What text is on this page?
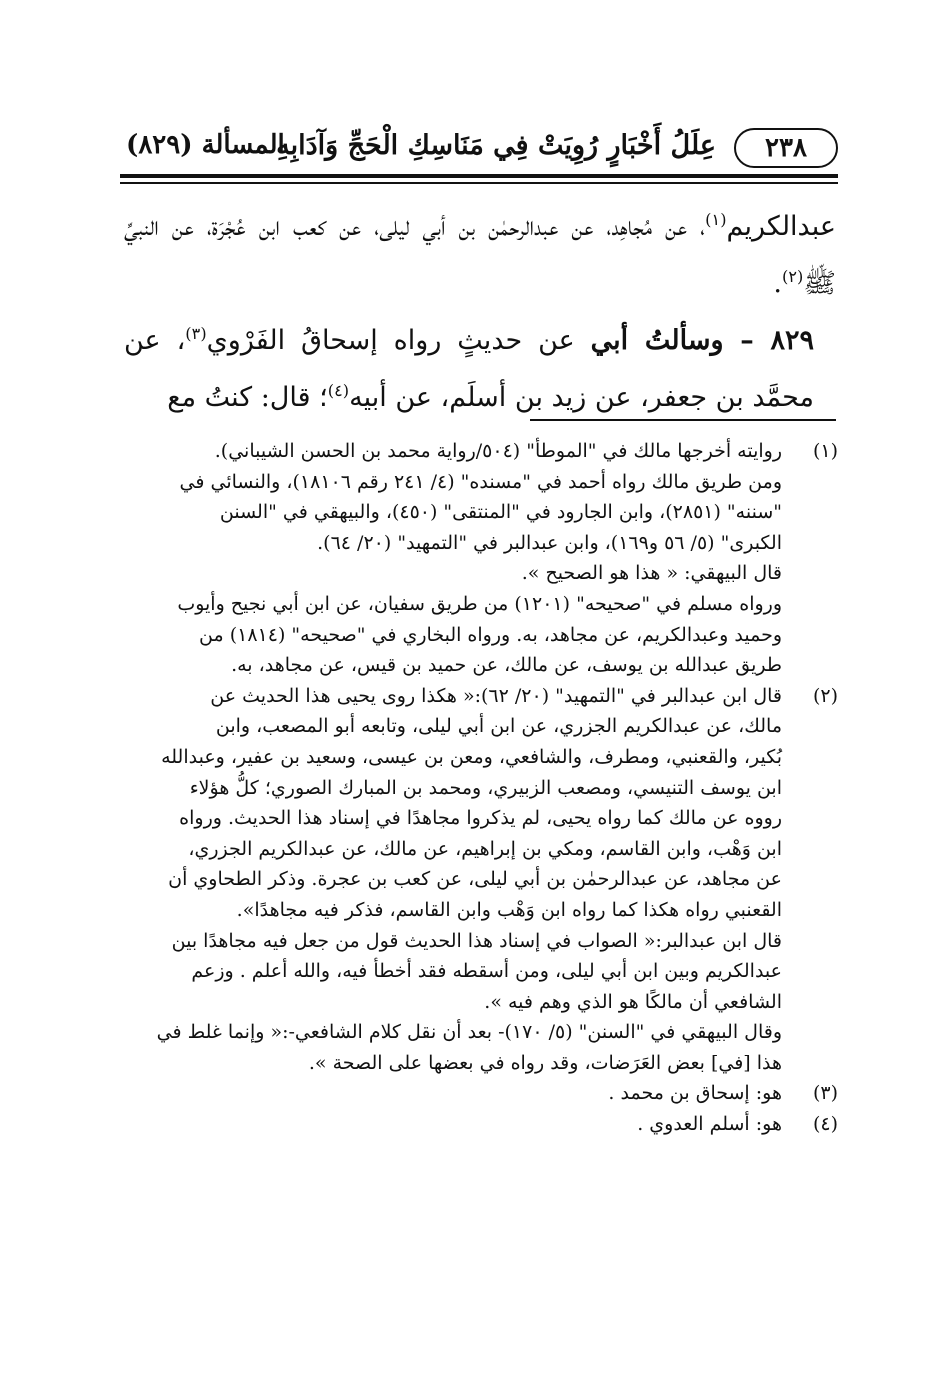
٢٣٨
عِلَلُ أَخْبَارٍ رُوِيَتْ فِي مَنَاسِكِ الْحَجِّ وَآدَابِهِ
المسألة (٨٢٩)

عبدالكريم$^{(١)}$، عن مُجاهِد، عن عبدالرحمٰن بن أبي ليلى، عن كعب ابن عُجْرَة، عن النبيِّ ﷺ$^{(٢)}$.

٨٢٩ – وسألتُ أبي عن حديثٍ رواه إسحاقُ الفَرْوي$^{(٣)}$، عن محمَّد بن جعفر، عن زيد بن أسلَم، عن أبيه$^{(٤)}$؛ قال: كنتُ مع

(١)
روايته أخرجها مالك في "الموطأ" (٥٠٤/رواية محمد بن الحسن الشيباني).
ومن طريق مالك رواه أحمد في "مسنده" (٤/ ٢٤١ رقم ١٨١٠٦)، والنسائي في
"سننه" (٢٨٥١)، وابن الجارود في "المنتقى" (٤٥٠)، والبيهقي في "السنن
الكبرى" (٥/ ٥٦ و١٦٩)، وابن عبدالبر في "التمهيد" (٢٠/ ٦٤).
قال البيهقي: « هذا هو الصحيح ».
ورواه مسلم في "صحيحه" (١٢٠١) من طريق سفيان، عن ابن أبي نجيح وأيوب
وحميد وعبدالكريم، عن مجاهد، به. ورواه البخاري في "صحيحه" (١٨١٤) من
طريق عبدالله بن يوسف، عن مالك، عن حميد بن قيس، عن مجاهد، به.
(٢)
قال ابن عبدالبر في "التمهيد" (٢٠/ ٦٢):« هكذا روى يحيى هذا الحديث عن
مالك، عن عبدالكريم الجزري، عن ابن أبي ليلى، وتابعه أبو المصعب، وابن
بُكير، والقعنبي، ومطرف، والشافعي، ومعن بن عيسى، وسعيد بن عفير، وعبدالله
ابن يوسف التنيسي، ومصعب الزبيري، ومحمد بن المبارك الصوري؛ كلُّ هؤلاء
رووه عن مالك كما رواه يحيى، لم يذكروا مجاهدًا في إسناد هذا الحديث. ورواه
ابن وَهْب، وابن القاسم، ومكي بن إبراهيم، عن مالك، عن عبدالكريم الجزري،
عن مجاهد، عن عبدالرحمٰن بن أبي ليلى، عن كعب بن عجرة. وذكر الطحاوي أن
القعنبي رواه هكذا كما رواه ابن وَهْب وابن القاسم، فذكر فيه مجاهدًا».
قال ابن عبدالبر:« الصواب في إسناد هذا الحديث قول من جعل فيه مجاهدًا بين
عبدالكريم وبين ابن أبي ليلى، ومن أسقطه فقد أخطأ فيه، والله أعلم . وزعم
الشافعي أن مالكًا هو الذي وهم فيه ».
وقال البيهقي في "السنن" (٥/ ١٧٠)- بعد أن نقل كلام الشافعي-:« وإنما غلط في
هذا [في] بعض العَرَضات، وقد رواه في بعضها على الصحة ».
(٣)
هو: إسحاق بن محمد .
(٤)
هو: أسلم العدوي .
